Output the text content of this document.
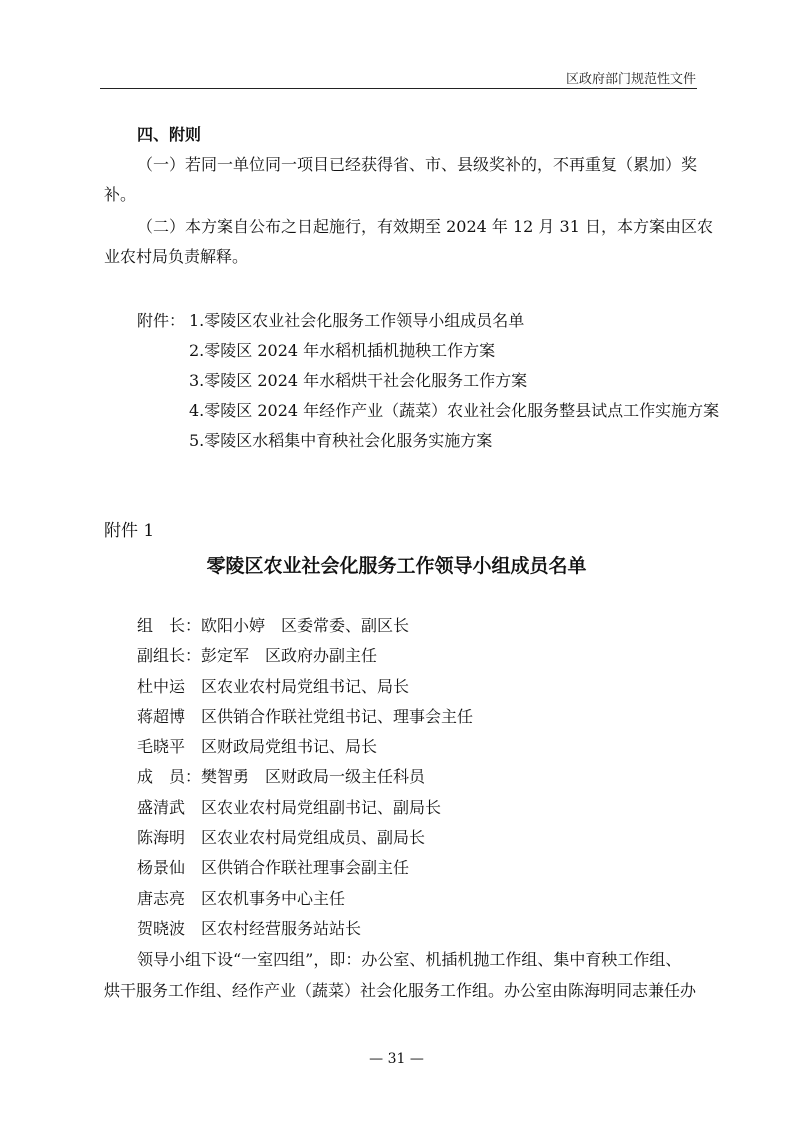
区政府部门规范性文件
四、附则
（一）若同一单位同一项目已经获得省、市、县级奖补的，不再重复（累加）奖
补。
（二）本方案自公布之日起施行，有效期至 2024 年 12 月 31 日，本方案由区农
业农村局负责解释。
附件： 1.零陵区农业社会化服务工作领导小组成员名单
2.零陵区 2024 年水稻机插机抛秧工作方案
3.零陵区 2024 年水稻烘干社会化服务工作方案
4.零陵区 2024 年经作产业（蔬菜）农业社会化服务整县试点工作实施方案
5.零陵区水稻集中育秧社会化服务实施方案
附件 1
零陵区农业社会化服务工作领导小组成员名单
组　长：欧阳小婷　区委常委、副区长
副组长：彭定军　区政府办副主任
杜中运　区农业农村局党组书记、局长
蒋超博　区供销合作联社党组书记、理事会主任
毛晓平　区财政局党组书记、局长
成　员：樊智勇　区财政局一级主任科员
盛清武　区农业农村局党组副书记、副局长
陈海明　区农业农村局党组成员、副局长
杨景仙　区供销合作联社理事会副主任
唐志亮　区农机事务中心主任
贺晓波　区农村经营服务站站长
领导小组下设“一室四组”，即：办公室、机插机抛工作组、集中育秧工作组、
烘干服务工作组、经作产业（蔬菜）社会化服务工作组。办公室由陈海明同志兼任办
— 31 —
